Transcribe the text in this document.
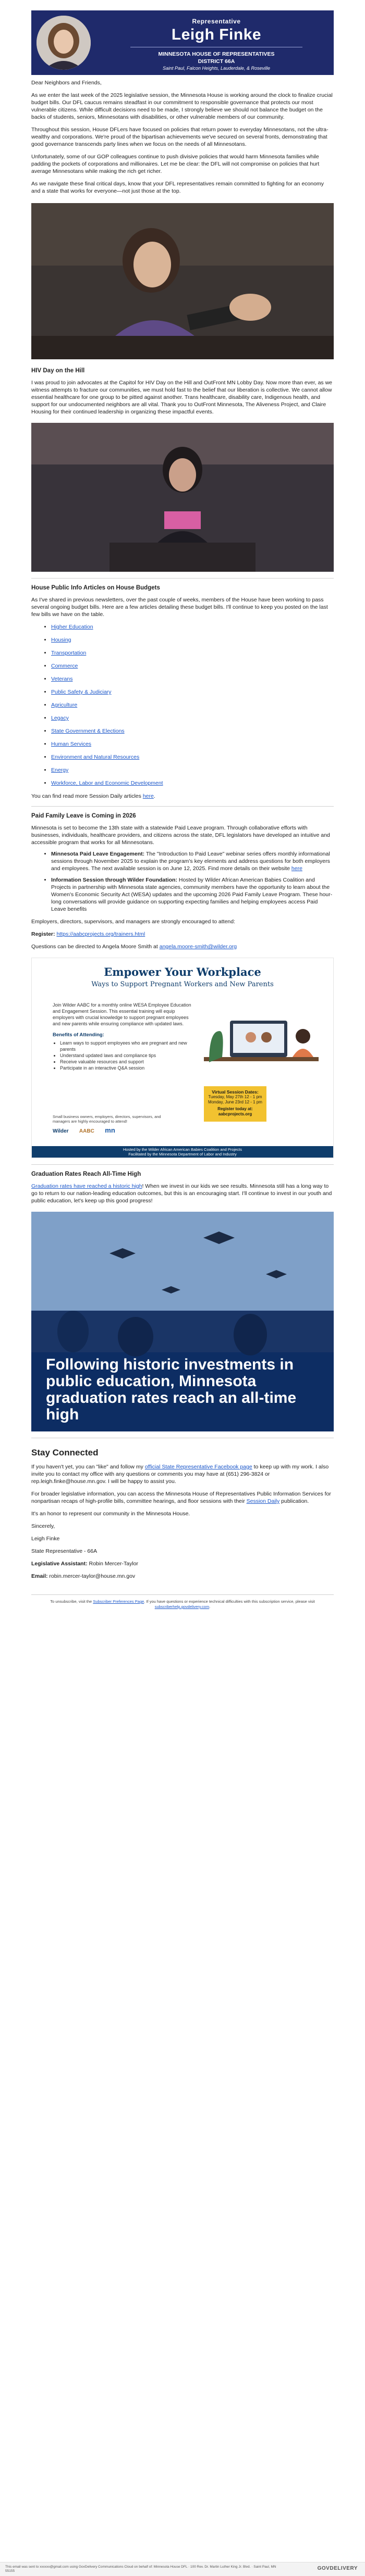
Representative
Leigh Finke
MINNESOTA HOUSE OF REPRESENTATIVES
DISTRICT 66A
Saint Paul, Falcon Heights, Lauderdale, & Roseville

Dear Neighbors and Friends,

As we enter the last week of the 2025 legislative session, the Minnesota House is working around the clock to finalize crucial budget bills. Our DFL caucus remains steadfast in our commitment to responsible governance that protects our most vulnerable citizens. While difficult decisions need to be made, I strongly believe we should not balance the budget on the backs of students, seniors, Minnesotans with disabilities, or other vulnerable members of our community.

Throughout this session, House DFLers have focused on policies that return power to everyday Minnesotans, not the ultra-wealthy and corporations. We're proud of the bipartisan achievements we've secured on several fronts, demonstrating that good governance transcends party lines when we focus on the needs of all Minnesotans.

Unfortunately, some of our GOP colleagues continue to push divisive policies that would harm Minnesota families while padding the pockets of corporations and millionaires. Let me be clear: the DFL will not compromise on policies that hurt average Minnesotans while making the rich get richer.

As we navigate these final critical days, know that your DFL representatives remain committed to fighting for an economy and a state that works for everyone—not just those at the top.

HIV Day on the Hill

I was proud to join advocates at the Capitol for HIV Day on the Hill and OutFront MN Lobby Day. Now more than ever, as we witness attempts to fracture our communities, we must hold fast to the belief that our liberation is collective. We cannot allow essential healthcare for one group to be pitted against another. Trans healthcare, disability care, Indigenous health, and support for our undocumented neighbors are all vital. Thank you to OutFront Minnesota, The Aliveness Project, and Claire Housing for their continued leadership in organizing these impactful events.

House Public Info Articles on House Budgets

As I've shared in previous newsletters, over the past couple of weeks, members of the House have been working to pass several ongoing budget bills. Here are a few articles detailing these budget bills. I'll continue to keep you posted on the last few bills we have on the table.

• Higher Education
• Housing
• Transportation
• Commerce
• Veterans
• Public Safety & Judiciary
• Agriculture
• Legacy
• State Government & Elections
• Human Services
• Environment and Natural Resources
• Energy
• Workforce, Labor and Economic Development

You can find read more Session Daily articles here.

Paid Family Leave is Coming in 2026

Minnesota is set to become the 13th state with a statewide Paid Leave program. Through collaborative efforts with businesses, individuals, healthcare providers, and citizens across the state, DFL legislators have developed an intuitive and accessible program that works for all Minnesotans.

• Minnesota Paid Leave Engagement: The "Introduction to Paid Leave" webinar series offers monthly informational sessions through November 2025 to explain the program's key elements and address questions for both employers and employees. The next available session is on June 12, 2025. Find more details on their website here
• Information Session through Wilder Foundation: Hosted by Wilder African American Babies Coalition and Projects in partnership with Minnesota state agencies, community members have the opportunity to learn about the Women's Economic Security Act (WESA) updates and the upcoming 2026 Paid Family Leave Program. These hour-long conversations will provide guidance on supporting expecting families and helping employees access Paid Leave benefits

Employers, directors, supervisors, and managers are strongly encouraged to attend:

Register: https://aabcprojects.org/trainers.html

Questions can be directed to Angela Moore Smith at angela.moore-smith@wilder.org

Empower Your Workplace
Ways to Support Pregnant Workers and New Parents
Join Wilder AABC for a monthly online WESA Employee Education and Engagement Session. This essential training will equip employers with crucial knowledge to support pregnant employees and new parents while ensuring compliance with updated laws.
Benefits of Attending:
• Learn ways to support employees who are pregnant and new parents
• Understand updated laws and compliance tips
• Receive valuable resources and support
• Participate in an interactive Q&A session
Small business owners, employers, directors, supervisors, and managers are highly encouraged to attend!
Wilder AABC mn
Virtual Session Dates:
Tuesday, May 27th 12 - 1 pm
Monday, June 23rd 12 - 1 pm
Register today at:
aabcprojects.org
Hosted by the Wilder African American Babies Coalition and Projects
Facilitated by the Minnesota Department of Labor and Industry
Graduation Rates Reach All-Time High

Graduation rates have reached a historic high! When we invest in our kids we see results. Minnesota still has a long way to go to return to our nation-leading education outcomes, but this is an encouraging start. I'll continue to invest in our youth and public education, let's keep up this good progress!

Following historic investments in public education, Minnesota graduation rates reach an all-time high
Stay Connected

If you haven't yet, you can "like" and follow my official State Representative Facebook page to keep up with my work. I also invite you to contact my office with any questions or comments you may have at (651) 296-3824 or rep.leigh.finke@house.mn.gov. I will be happy to assist you.

For broader legislative information, you can access the Minnesota House of Representatives Public Information Services for nonpartisan recaps of high-profile bills, committee hearings, and floor sessions with their Session Daily publication.

It's an honor to represent our community in the Minnesota House.

Sincerely,

Leigh Finke

State Representative - 66A

Legislative Assistant: Robin Mercer-Taylor

Email: robin.mercer-taylor@house.mn.gov

To unsubscribe, visit the Subscriber Preferences Page. If you have questions or experience technical difficulties with this subscription service, please visit subscriberhelp.govdelivery.com.

This email was sent to xxxxxx@gmail.com using GovDelivery Communications Cloud on behalf of: Minnesota House DFL · 100 Rev. Dr. Martin Luther King Jr. Blvd. · Saint Paul, MN 55155	GOVDELIVERY
